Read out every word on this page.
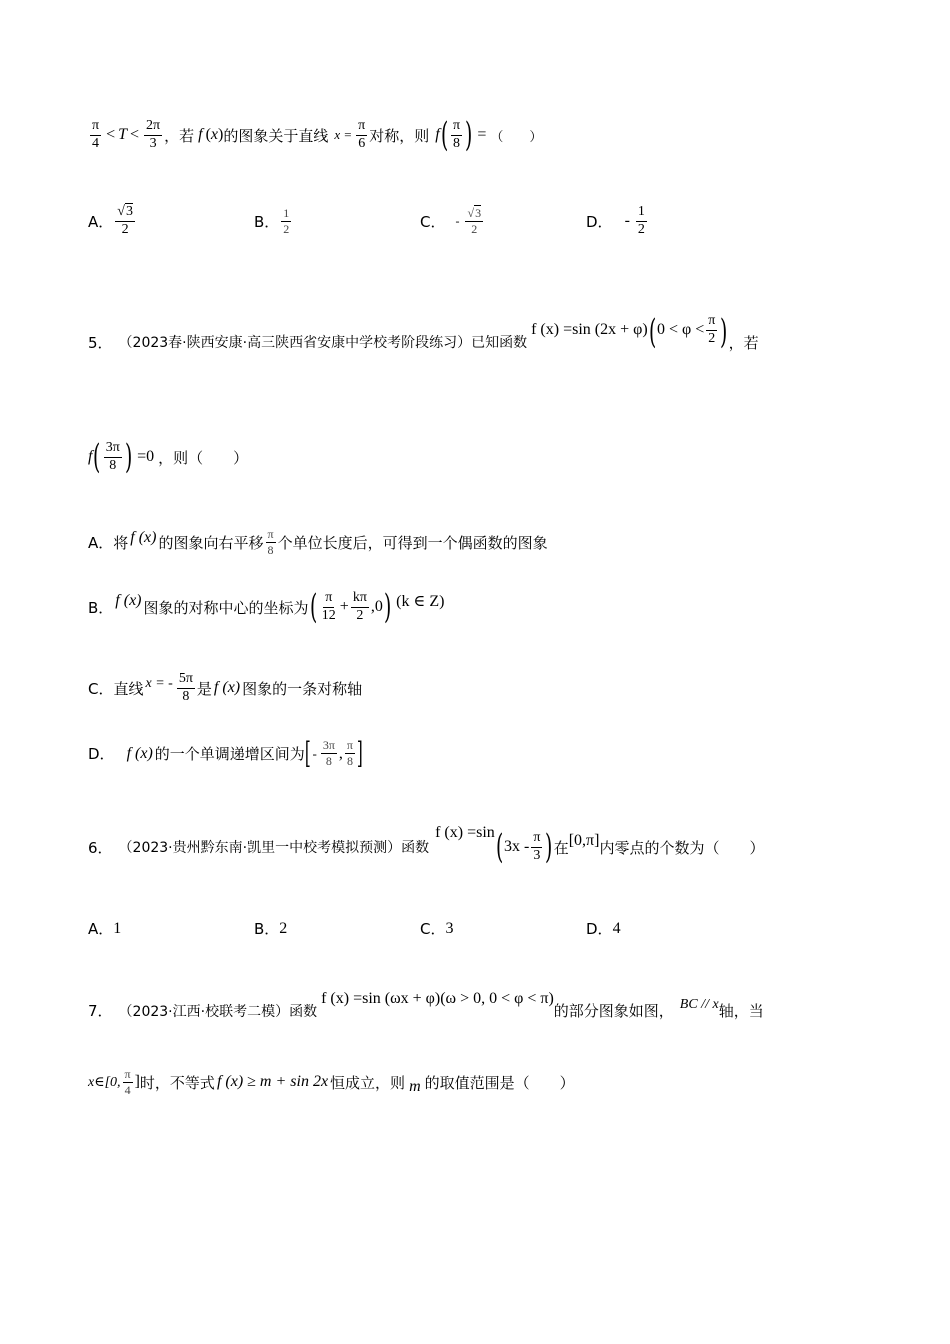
$\frac{\pi}{4} < T < \frac{2\pi}{3}$ ，若 f ( x ) 的图象关于直线 $x = \frac{\pi}{6}$ 对称，则 f ( $\frac{\pi}{8}$ ) = （　　）
A． $\frac{√3}{2}$	B． $\frac{1}{2}$	C． - $\frac{√3}{2}$	D． - $\frac{1}{2}$
5． （2023春·陕西安康·高三陕西省安康中学校考阶段练习）已知函数
f (x) =sin (2x + φ) ( $0 < \varphi < \frac{\pi}{2}$ ) ，若
f ( $\frac{3\pi}{8}$ ) =0 ，则（　　）
A． 将 f (x) 的图象向右平移 $\frac{\pi}{8}$ 个单位长度后，可得到一个偶函数的图象
B． f (x) 图象的对称中心的坐标为 ( $\frac{\pi}{12} + \frac{k\pi}{2} ,0$ ) (k ∈ Z)
C． 直线 x = - $\frac{5\pi}{8}$ 是 f (x) 图象的一条对称轴
D． f (x) 的一个单调递增区间为 [ - $\frac{3\pi}{8}$ , $\frac{\pi}{8}$ ]
6． （2023·贵州黔东南·凯里一中校考模拟预测）函数
f (x) =sin ( $3x - \frac{\pi}{3}$ ) 在 [0,π] 内零点的个数为（　　）
A． 1	B． 2	C． 3	D． 4
7． （2023·江西·校联考二模）函数
f (x) =sin (ωx + φ)(ω > 0, 0 < φ < π)
的部分图象如图， BC // x 轴，当
x∈[0, $\frac{\pi}{4}$ ] 时，不等式 f (x) ≥ m + sin 2x 恒成立，则 m 的取值范围是（　　）
